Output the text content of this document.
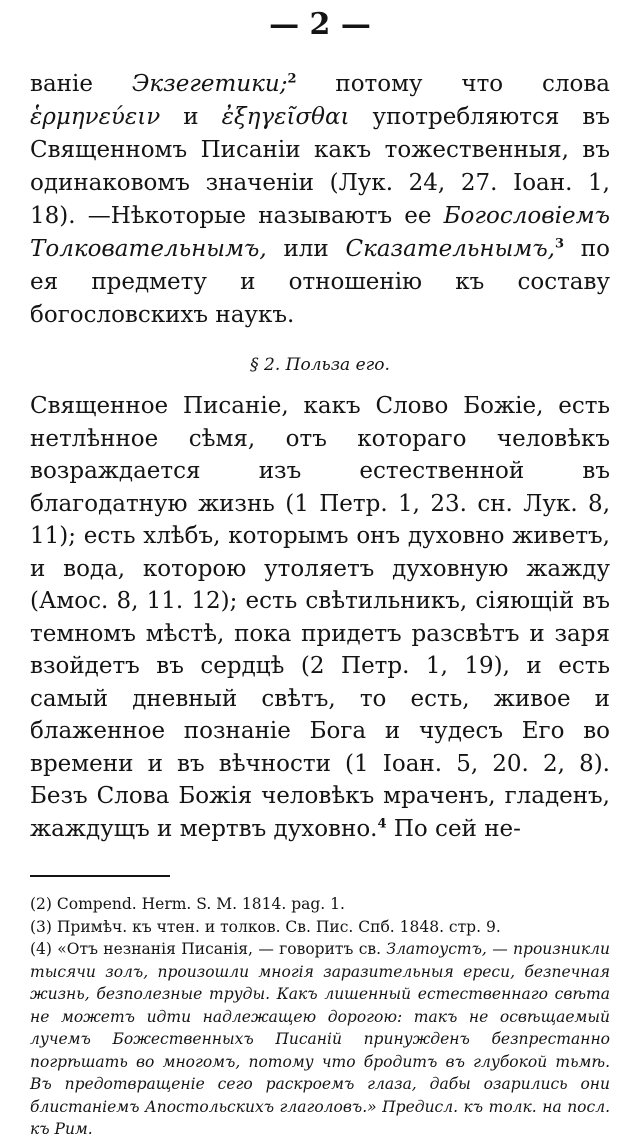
— 2 —

ваніе Экзегетики;$^2$ потому что слова ἑρμηνεύειν и ἐξηγεῖσθαι употребляются въ Священномъ Писаніи какъ тожественныя, въ одинаковомъ значеніи (Лук. 24, 27. Іоан. 1, 18). —Нѣкоторые называютъ ее Богословіемъ Толковательнымъ, или Сказательнымъ,$^3$ по ея предмету и отношенію къ составу богословскихъ наукъ.

§ 2. Польза его.

Священное Писаніе, какъ Слово Божіе, есть нетлѣнное сѣмя, отъ котораго человѣкъ возраждается изъ естественной въ благодатную жизнь (1 Петр. 1, 23. сн. Лук. 8, 11); есть хлѣбъ, которымъ онъ духовно живетъ, и вода, которою утоляетъ духовную жажду (Амос. 8, 11. 12); есть свѣтильникъ, сіяющій въ темномъ мѣстѣ, пока придетъ разсвѣтъ и заря взойдетъ въ сердцѣ (2 Петр. 1, 19), и есть самый дневный свѣтъ, то есть, живое и блаженное познаніе Бога и чудесъ Его во времени и въ вѣчности (1 Іоан. 5, 20. 2, 8). Безъ Слова Божія человѣкъ мраченъ, гладенъ, жаждущъ и мертвъ духовно.$^4$ По сей не-

(2) Compend. Herm. S. M. 1814. pag. 1.

(3) Примѣч. къ чтен. и толков. Св. Пис. Спб. 1848. стр. 9.

(4) «Отъ незнанія Писанія, — говоритъ св. Златоустъ, — произникли тысячи золъ, произошли многія заразительныя ереси, безпечная жизнь, безполезные труды. Какъ лишенный естественнаго свѣта не можетъ идти надлежащею дорогою: такъ не освѣщаемый лучемъ Божественныхъ Писаній принужденъ безпрестанно погрѣшать во многомъ, потому что бродитъ въ глубокой тьмѣ. Въ предотвращеніе сего раскроемъ глаза, дабы озарились они блистаніемъ Апостольскихъ глаголовъ.» Предисл. къ толк. на посл. къ Рим.
